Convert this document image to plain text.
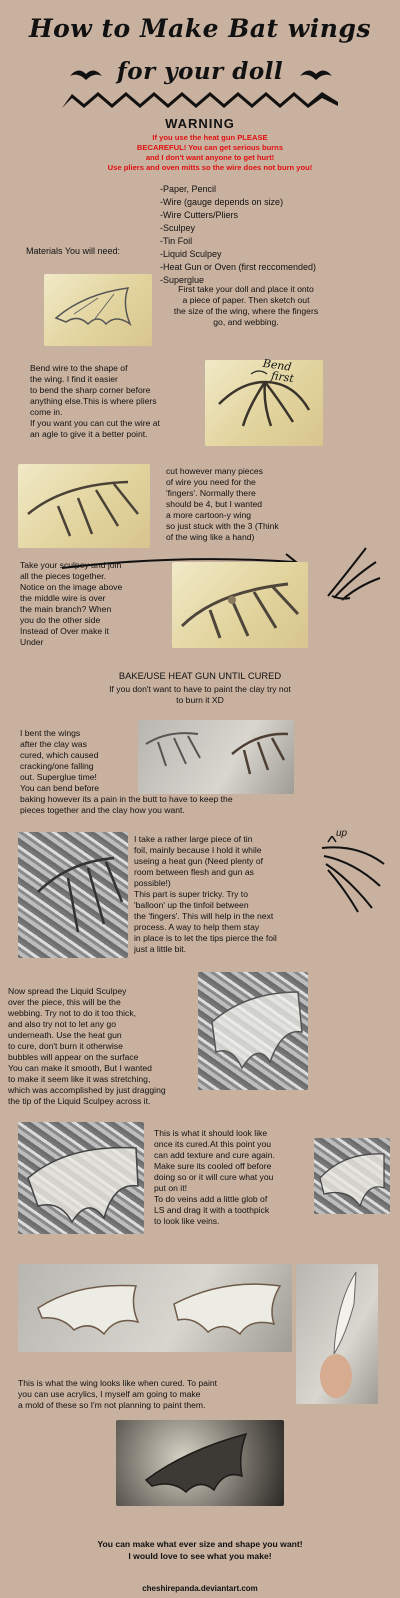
How to Make Bat wings
for your doll
WARNING
If you use the heat gun PLEASE
BECAREFUL! You can get serious burns
and I don't want anyone to get hurt!
Use pliers and oven mitts so the wire does not burn you!
Materials You will need:
-Paper, Pencil
-Wire (gauge depends on size)
-Wire Cutters/Pliers
-Sculpey
-Tin Foil
-Liquid Sculpey
-Heat Gun or Oven (first reccomended)
-Superglue
First take your doll and place it onto
a piece of paper. Then sketch out
the size of the wing, where the fingers
go, and webbing.
Bend wire to the shape of
the wing. I find it easier
to bend the sharp corner before
anything else.This is where pliers
come in.
If you want you can cut the wire at
an agle to give it a better point.
Bend
first
cut however many pieces
of wire you need for the
'fingers'. Normally there
should be 4, but I wanted
a more cartoon-y wing
so just stuck with the 3 (Think
of the wing like a hand)
Take your sculpey and join
all the pieces together.
Notice on the image above
the middle wire is over
the main branch? When
you do the other side
Instead of Over make it
Under
BAKE/USE HEAT GUN UNTIL CURED
If you don't want to have to paint the clay try not
to burn it XD
I bent the wings
after the clay was
cured, which caused
cracking/one falling
out. Superglue time!
You can bend before
baking however its a pain in the butt to have to keep the
pieces together and the clay how you want.
I take a rather large piece of tin
foil, mainly because I hold it while
useing a heat gun (Need plenty of
room between flesh and gun as
possible!)
This part is super tricky. Try to
'balloon' up the tinfoil between
the 'fingers'. This will help in the next
process. A way to help them stay
in place is to let the tips pierce the foil
just a little bit.
up
Now spread the Liquid Sculpey
over the piece, this will be the
webbing. Try not to do it too thick,
and also try not to let any go
underneath. Use the heat gun
to cure, don't burn it otherwise
bubbles will appear on the surface
You can make it smooth, But I wanted
to make it seem like it was stretching,
which was accomplished by just dragging
the tip of the Liquid Sculpey across it.
This is what it should look like
once its cured.At this point you
can add texture and cure again.
Make sure its cooled off before
doing so or it will cure what you
put on it!
To do veins add a little glob of
LS and drag it with a toothpick
to look like veins.
This is what the wing looks like when cured. To paint
you can use acrylics, I myself am going to make
a mold of these so I'm not planning to paint them.
You can make what ever size and shape you want!
I would love to see what you make!
cheshirepanda.deviantart.com
